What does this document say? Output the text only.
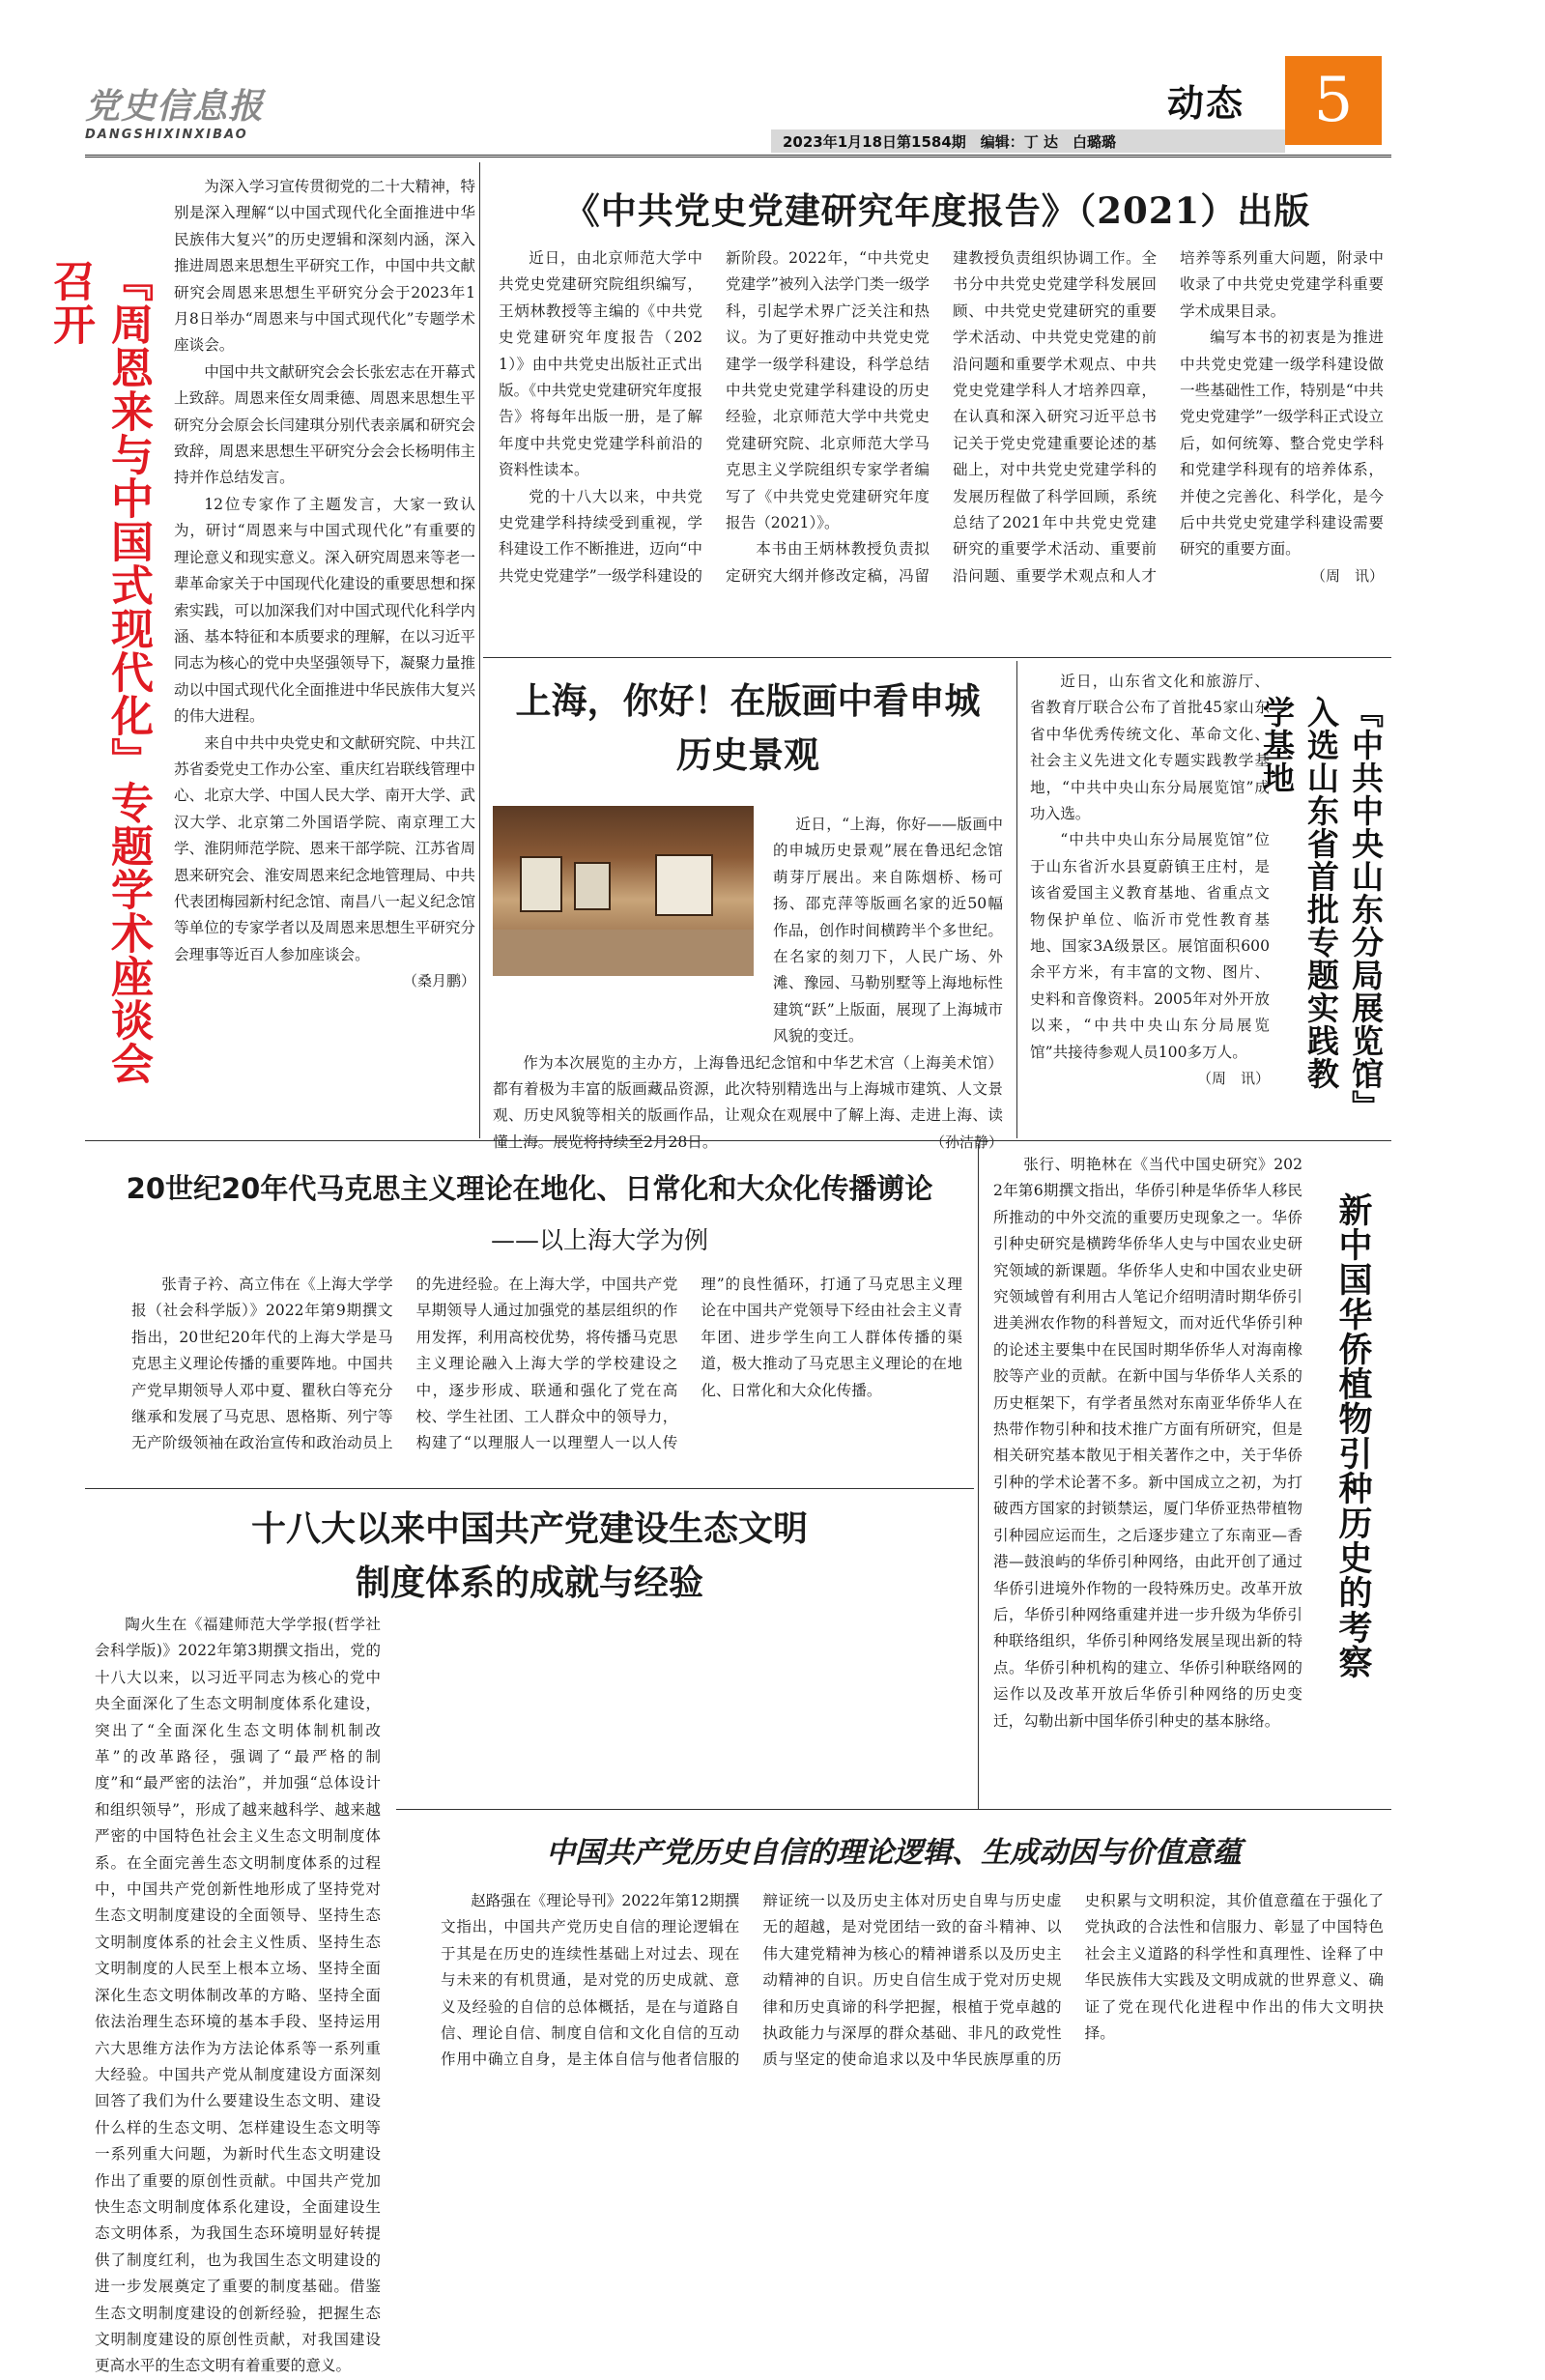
党史信息报
DANGSHIXINXIBAO
动态	5
2023年1月18日第1584期　编辑：丁 达　白璐璐
『周恩来与中国式现代化』专题学术座谈会召开

为深入学习宣传贯彻党的二十大精神，特别是深入理解“以中国式现代化全面推进中华民族伟大复兴”的历史逻辑和深刻内涵，深入推进周恩来思想生平研究工作，中国中共文献研究会周恩来思想生平研究分会于2023年1月8日举办“周恩来与中国式现代化”专题学术座谈会。

中国中共文献研究会会长张宏志在开幕式上致辞。周恩来侄女周秉德、周恩来思想生平研究分会原会长闫建琪分别代表亲属和研究会致辞，周恩来思想生平研究分会会长杨明伟主持并作总结发言。

12位专家作了主题发言，大家一致认为，研讨“周恩来与中国式现代化”有重要的理论意义和现实意义。深入研究周恩来等老一辈革命家关于中国现代化建设的重要思想和探索实践，可以加深我们对中国式现代化科学内涵、基本特征和本质要求的理解，在以习近平同志为核心的党中央坚强领导下，凝聚力量推动以中国式现代化全面推进中华民族伟大复兴的伟大进程。

来自中共中央党史和文献研究院、中共江苏省委党史工作办公室、重庆红岩联线管理中心、北京大学、中国人民大学、南开大学、武汉大学、北京第二外国语学院、南京理工大学、淮阴师范学院、恩来干部学院、江苏省周恩来研究会、淮安周恩来纪念地管理局、中共代表团梅园新村纪念馆、南昌八一起义纪念馆等单位的专家学者以及周恩来思想生平研究分会理事等近百人参加座谈会。

（桑月鹏）
《中共党史党建研究年度报告》（2021）出版

近日，由北京师范大学中共党史党建研究院组织编写，王炳林教授等主编的《中共党史党建研究年度报告（2021）》由中共党史出版社正式出版。《中共党史党建研究年度报告》将每年出版一册，是了解年度中共党史党建学科前沿的资料性读本。

党的十八大以来，中共党史党建学科持续受到重视，学科建设工作不断推进，迈向“中共党史党建学”一级学科建设的新阶段。2022年，“中共党史党建学”被列入法学门类一级学科，引起学术界广泛关注和热议。为了更好推动中共党史党建学一级学科建设，科学总结中共党史党建学科建设的历史经验，北京师范大学中共党史党建研究院、北京师范大学马克思主义学院组织专家学者编写了《中共党史党建研究年度报告（2021）》。

本书由王炳林教授负责拟定研究大纲并修改定稿，冯留建教授负责组织协调工作。全书分中共党史党建学科发展回顾、中共党史党建研究的重要学术活动、中共党史党建的前沿问题和重要学术观点、中共党史党建学科人才培养四章，在认真和深入研究习近平总书记关于党史党建重要论述的基础上，对中共党史党建学科的发展历程做了科学回顾，系统总结了2021年中共党史党建研究的重要学术活动、重要前沿问题、重要学术观点和人才培养等系列重大问题，附录中收录了中共党史党建学科重要学术成果目录。

编写本书的初衷是为推进中共党史党建一级学科建设做一些基础性工作，特别是“中共党史党建学”一级学科正式设立后，如何统筹、整合党史学科和党建学科现有的培养体系，并使之完善化、科学化，是今后中共党史党建学科建设需要研究的重要方面。

（周　讯）
上海，你好！在版画中看申城
历史景观

近日，“上海，你好——版画中的申城历史景观”展在鲁迅纪念馆萌芽厅展出。来自陈烟桥、杨可扬、邵克萍等版画名家的近50幅作品，创作时间横跨半个多世纪。在名家的刻刀下，人民广场、外滩、豫园、马勒别墅等上海地标性建筑“跃”上版面，展现了上海城市风貌的变迁。

作为本次展览的主办方，上海鲁迅纪念馆和中华艺术宫（上海美术馆）都有着极为丰富的版画藏品资源，此次特别精选出与上海城市建筑、人文景观、历史风貌等相关的版画作品，让观众在观展中了解上海、走进上海、读懂上海。展览将持续至2月28日。	（孙洁静）

近日，山东省文化和旅游厅、省教育厅联合公布了首批45家山东省中华优秀传统文化、革命文化、社会主义先进文化专题实践教学基地，“中共中央山东分局展览馆”成功入选。

“中共中央山东分局展览馆”位于山东省沂水县夏蔚镇王庄村，是该省爱国主义教育基地、省重点文物保护单位、临沂市党性教育基地、国家3A级景区。展馆面积600余平方米，有丰富的文物、图片、史料和音像资料。2005年对外开放以来，“中共中央山东分局展览馆”共接待参观人员100多万人。

（周　讯）	『中共中央山东分局展览馆』入选山东省首批专题实践教学基地
20世纪20年代马克思主义理论在地化、日常化和大众化传播谫论
——以上海大学为例

张青子衿、高立伟在《上海大学学报（社会科学版）》2022年第9期撰文指出，20世纪20年代的上海大学是马克思主义理论传播的重要阵地。中国共产党早期领导人邓中夏、瞿秋白等充分继承和发展了马克思、恩格斯、列宁等无产阶级领袖在政治宣传和政治动员上的先进经验。在上海大学，中国共产党早期领导人通过加强党的基层组织的作用发挥，利用高校优势，将传播马克思主义理论融入上海大学的学校建设之中，逐步形成、联通和强化了党在高校、学生社团、工人群众中的领导力，构建了“以理服人一以理塑人一以人传理”的良性循环，打通了马克思主义理论在中国共产党领导下经由社会主义青年团、进步学生向工人群体传播的渠道，极大推动了马克思主义理论的在地化、日常化和大众化传播。

十八大以来中国共产党建设生态文明
制度体系的成就与经验

陶火生在《福建师范大学学报(哲学社会科学版)》2022年第3期撰文指出，党的十八大以来，以习近平同志为核心的党中央全面深化了生态文明制度体系化建设，突出了“全面深化生态文明体制机制改革”的改革路径，强调了“最严格的制度”和“最严密的法治”，并加强“总体设计和组织领导”，形成了越来越科学、越来越严密的中国特色社会主义生态文明制度体系。在全面完善生态文明制度体系的过程中，中国共产党创新性地形成了坚持党对生态文明制度建设的全面领导、坚持生态文明制度体系的社会主义性质、坚持生态文明制度的人民至上根本立场、坚持全面深化生态文明体制改革的方略、坚持全面依法治理生态环境的基本手段、坚持运用六大思维方法作为方法论体系等一系列重大经验。中国共产党从制度建设方面深刻回答了我们为什么要建设生态文明、建设什么样的生态文明、怎样建设生态文明等一系列重大问题，为新时代生态文明建设作出了重要的原创性贡献。中国共产党加快生态文明制度体系化建设，全面建设生态文明体系，为我国生态环境明显好转提供了制度红利，也为我国生态文明建设的进一步发展奠定了重要的制度基础。借鉴生态文明制度建设的创新经验，把握生态文明制度建设的原创性贡献，对我国建设更高水平的生态文明有着重要的意义。

张行、明艳林在《当代中国史研究》2022年第6期撰文指出，华侨引种是华侨华人移民所推动的中外交流的重要历史现象之一。华侨引种史研究是横跨华侨华人史与中国农业史研究领域的新课题。华侨华人史和中国农业史研究领域曾有利用古人笔记介绍明清时期华侨引进美洲农作物的科普短文，而对近代华侨引种的论述主要集中在民国时期华侨华人对海南橡胶等产业的贡献。在新中国与华侨华人关系的历史框架下，有学者虽然对东南亚华侨华人在热带作物引种和技术推广方面有所研究，但是相关研究基本散见于相关著作之中，关于华侨引种的学术论著不多。新中国成立之初，为打破西方国家的封锁禁运，厦门华侨亚热带植物引种园应运而生，之后逐步建立了东南亚—香港—鼓浪屿的华侨引种网络，由此开创了通过华侨引进境外作物的一段特殊历史。改革开放后，华侨引种网络重建并进一步升级为华侨引种联络组织，华侨引种网络发展呈现出新的特点。华侨引种机构的建立、华侨引种联络网的运作以及改革开放后华侨引种网络的历史变迁，勾勒出新中国华侨引种史的基本脉络。

新中国华侨植物引种历史的考察
中国共产党历史自信的理论逻辑、生成动因与价值意蕴

赵路强在《理论导刊》2022年第12期撰文指出，中国共产党历史自信的理论逻辑在于其是在历史的连续性基础上对过去、现在与未来的有机贯通，是对党的历史成就、意义及经验的自信的总体概括，是在与道路自信、理论自信、制度自信和文化自信的互动作用中确立自身，是主体自信与他者信服的辩证统一以及历史主体对历史自卑与历史虚无的超越，是对党团结一致的奋斗精神、以伟大建党精神为核心的精神谱系以及历史主动精神的自识。历史自信生成于党对历史规律和历史真谛的科学把握，根植于党卓越的执政能力与深厚的群众基础、非凡的政党性质与坚定的使命追求以及中华民族厚重的历史积累与文明积淀，其价值意蕴在于强化了党执政的合法性和信服力、彰显了中国特色社会主义道路的科学性和真理性、诠释了中华民族伟大实践及文明成就的世界意义、确证了党在现代化进程中作出的伟大文明抉择。
